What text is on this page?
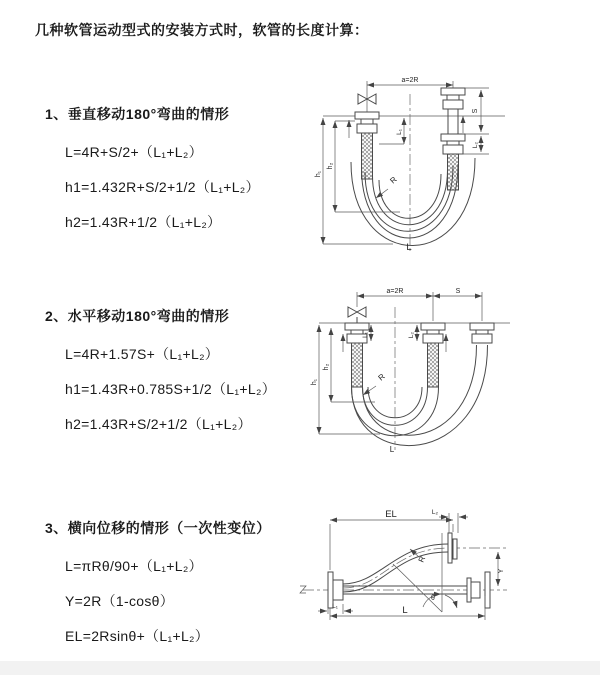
几种软管运动型式的安装方式时，软管的长度计算：
1、垂直移动180°弯曲的情形
L=4R+S/2+（L₁+L₂）
h1=1.432R+S/2+1/2（L₁+L₂）
h2=1.43R+1/2（L₁+L₂）
2、水平移动180°弯曲的情形
L=4R+1.57S+（L₁+L₂）
h1=1.43R+0.785S+1/2（L₁+L₂）
h2=1.43R+S/2+1/2（L₁+L₂）
3、横向位移的情形（一次性变位）
L=πRθ/90+（L₁+L₂）
Y=2R（1-cosθ）
EL=2Rsinθ+（L₁+L₂）
a=2R
R
h₁
h₂
L₁
S
L₂
L
a=2R	S
R
h₁
h₂
L₁	L₂
L
EL	L₂
Y
R
θ
L
L₁
